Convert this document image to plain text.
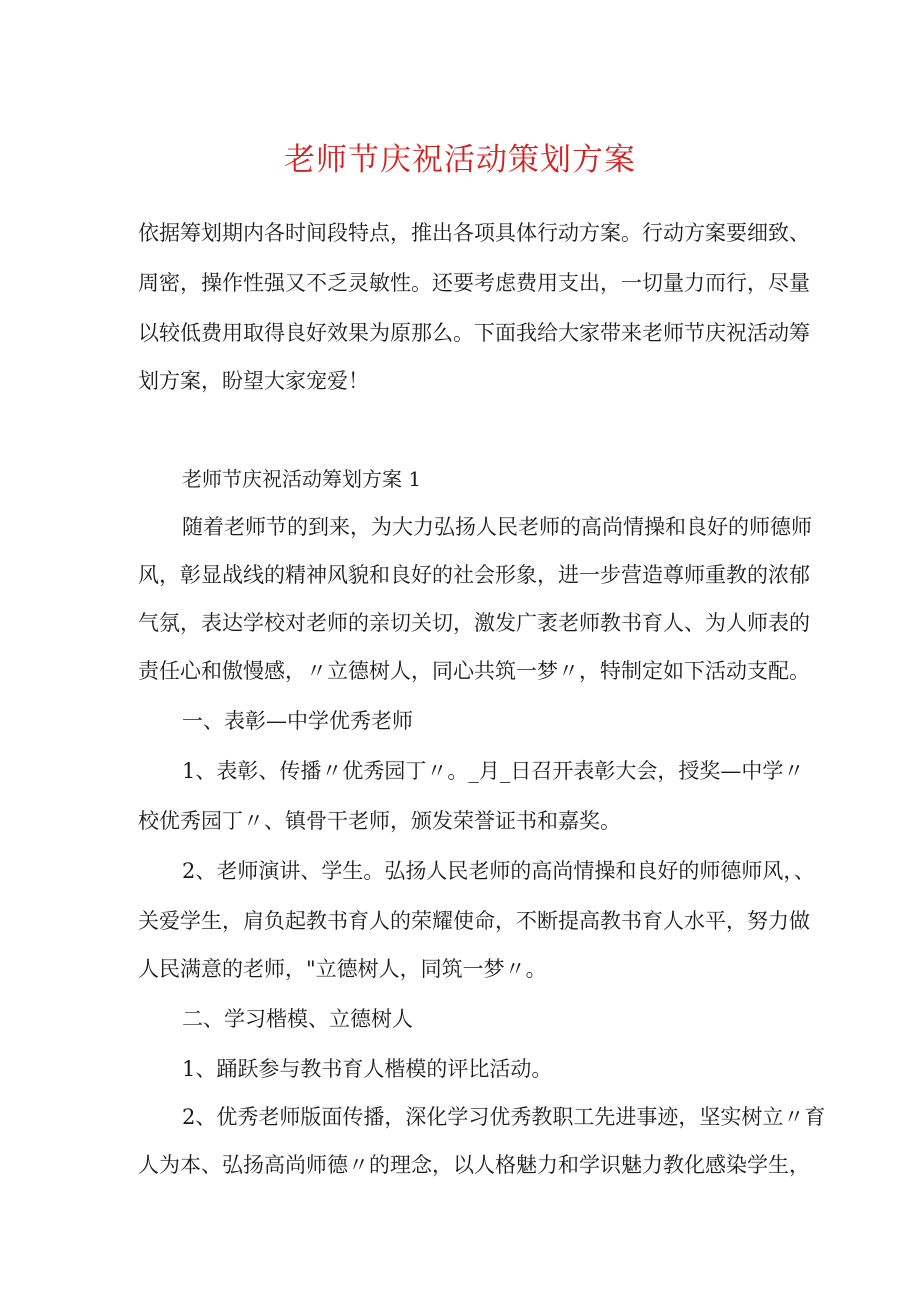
老师节庆祝活动策划方案

依据筹划期内各时间段特点，推出各项具体行动方案。行动方案要细致、

周密，操作性强又不乏灵敏性。还要考虑费用支出，一切量力而行，尽量

以较低费用取得良好效果为原那么。下面我给大家带来老师节庆祝活动筹

划方案，盼望大家宠爱！

老师节庆祝活动筹划方案 1

随着老师节的到来，为大力弘扬人民老师的高尚情操和良好的师德师

风，彰显战线的精神风貌和良好的社会形象，进一步营造尊师重教的浓郁

气氛，表达学校对老师的亲切关切，激发广袤老师教书育人、为人师表的

责任心和傲慢感，〃立德树人，同心共筑一梦〃，特制定如下活动支配。

一、表彰—中学优秀老师

1、表彰、传播〃优秀园丁〃。_月_日召开表彰大会，授奖—中学〃

校优秀园丁〃、镇骨干老师，颁发荣誉证书和嘉奖。

2、老师演讲、学生。弘扬人民老师的高尚情操和良好的师德师风，、

关爱学生，肩负起教书育人的荣耀使命，不断提高教书育人水平，努力做

人民满意的老师，"立德树人，同筑一梦〃。

二、学习楷模、立德树人

1、踊跃参与教书育人楷模的评比活动。

2、优秀老师版面传播，深化学习优秀教职工先进事迹，坚实树立〃育

人为本、弘扬高尚师德〃的理念，以人格魅力和学识魅力教化感染学生，
